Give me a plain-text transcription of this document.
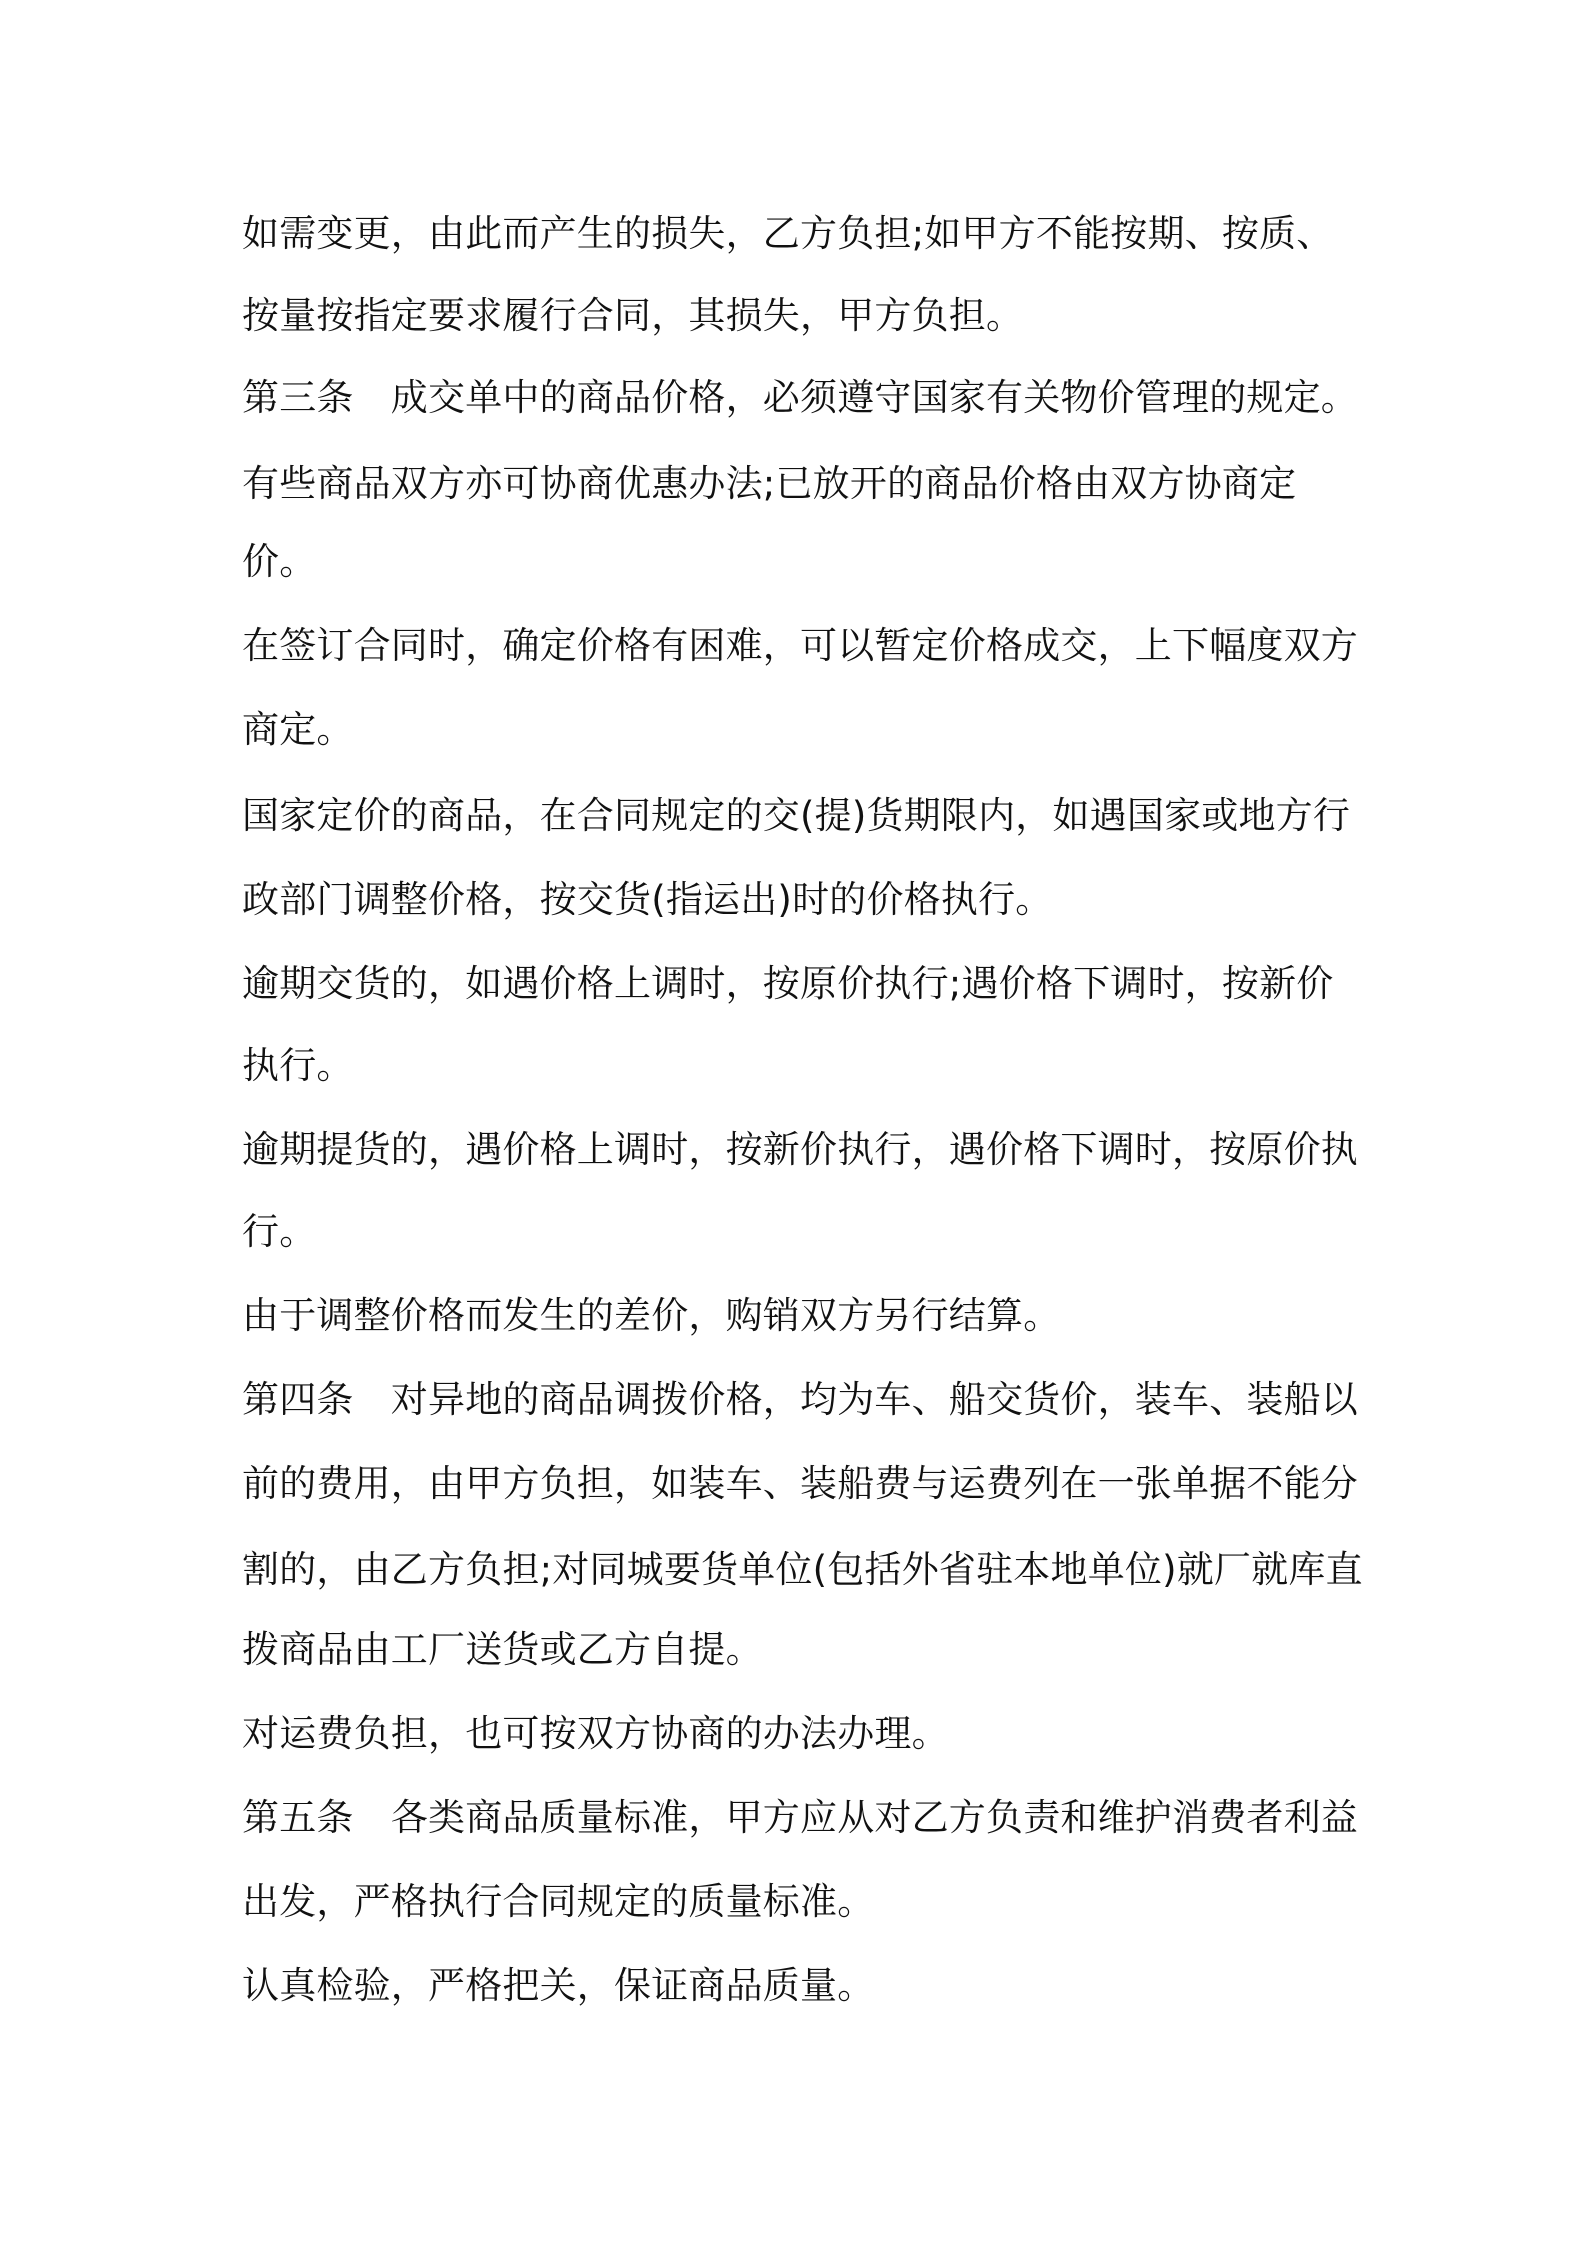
如需变更，由此而产生的损失，乙方负担;如甲方不能按期、按质、
按量按指定要求履行合同，其损失，甲方负担。
第三条　成交单中的商品价格，必须遵守国家有关物价管理的规定。
有些商品双方亦可协商优惠办法;已放开的商品价格由双方协商定
价。
在签订合同时，确定价格有困难，可以暂定价格成交，上下幅度双方
商定。
国家定价的商品，在合同规定的交(提)货期限内，如遇国家或地方行
政部门调整价格，按交货(指运出)时的价格执行。
逾期交货的，如遇价格上调时，按原价执行;遇价格下调时，按新价
执行。
逾期提货的，遇价格上调时，按新价执行，遇价格下调时，按原价执
行。
由于调整价格而发生的差价，购销双方另行结算。
第四条　对异地的商品调拨价格，均为车、船交货价，装车、装船以
前的费用，由甲方负担，如装车、装船费与运费列在一张单据不能分
割的，由乙方负担;对同城要货单位(包括外省驻本地单位)就厂就库直
拨商品由工厂送货或乙方自提。
对运费负担，也可按双方协商的办法办理。
第五条　各类商品质量标准，甲方应从对乙方负责和维护消费者利益
出发，严格执行合同规定的质量标准。
认真检验，严格把关，保证商品质量。
